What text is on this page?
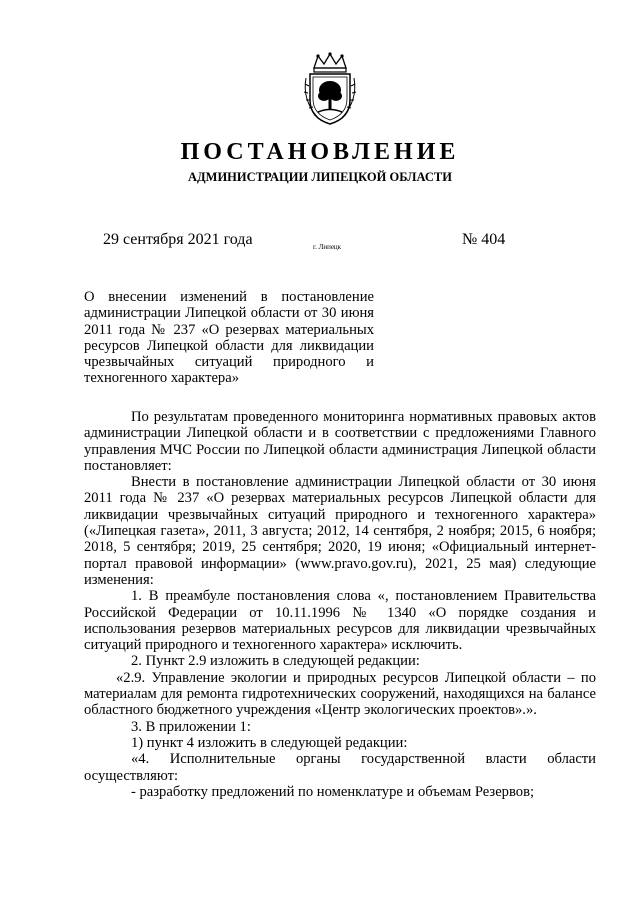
ПОСТАНОВЛЕНИЕ
АДМИНИСТРАЦИИ ЛИПЕЦКОЙ ОБЛАСТИ
29 сентября 2021 года	г. Липецк	№ 404
О внесении изменений в постановление администрации Липецкой области от 30 июня 2011 года № 237 «О резервах материальных ресурсов Липецкой области для ликвидации чрезвычайных ситуаций природного и техногенного характера»

По результатам проведенного мониторинга нормативных правовых актов администрации Липецкой области и в соответствии с предложениями Главного управления МЧС России по Липецкой области администрация Липецкой области постановляет:

Внести в постановление администрации Липецкой области от 30 июня 2011 года № 237 «О резервах материальных ресурсов Липецкой области для ликвидации чрезвычайных ситуаций природного и техногенного характера» («Липецкая газета», 2011, 3 августа; 2012, 14 сентября, 2 ноября; 2015, 6 ноября; 2018, 5 сентября; 2019, 25 сентября; 2020, 19 июня; «Официальный интернет-портал правовой информации» (www.pravo.gov.ru), 2021, 25 мая) следующие изменения:

1. В преамбуле постановления слова «, постановлением Правительства Российской Федерации от 10.11.1996 № 1340 «О порядке создания и использования резервов материальных ресурсов для ликвидации чрезвычайных ситуаций природного и техногенного характера» исключить.

2. Пункт 2.9 изложить в следующей редакции:

«2.9. Управление экологии и природных ресурсов Липецкой области – по материалам для ремонта гидротехнических сооружений, находящихся на балансе областного бюджетного учреждения «Центр экологических проектов».».

3. В приложении 1:

1) пункт 4 изложить в следующей редакции:

«4. Исполнительные органы государственной власти области осуществляют:

- разработку предложений по номенклатуре и объемам Резервов;
